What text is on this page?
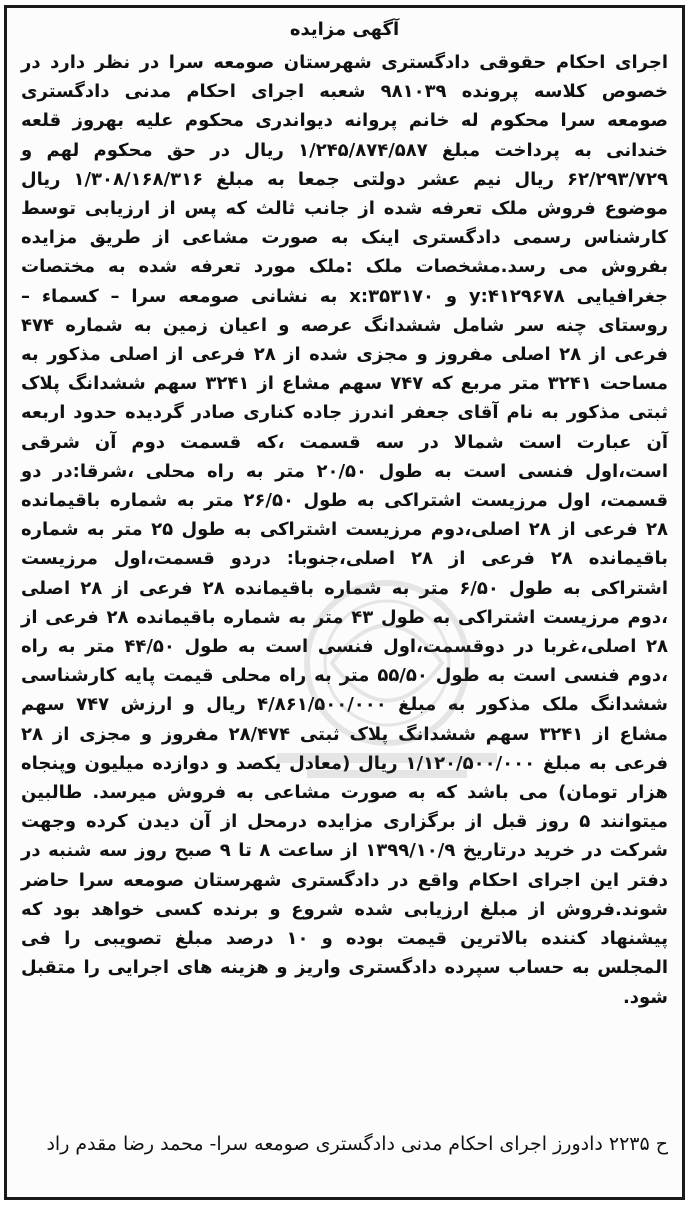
آگهی مزایده

اجرای احکام حقوقی دادگستری شهرستان صومعه سرا در نظر دارد در خصوص کلاسه پرونده ۹۸۱۰۳۹ شعبه اجرای احکام مدنی دادگستری صومعه سرا محکوم له خانم پروانه دیواندری محکوم علیه بهروز قلعه خندانی به پرداخت مبلغ ۱/۲۴۵/۸۷۴/۵۸۷ ریال در حق محکوم لهم و ۶۲/۲۹۳/۷۲۹ ریال نیم عشر دولتی جمعا به مبلغ ۱/۳۰۸/۱۶۸/۳۱۶ ریال موضوع فروش ملک تعرفه شده از جانب ثالث که پس از ارزیابی توسط کارشناس رسمی دادگستری اینک به صورت مشاعی از طریق مزایده بفروش می رسد.مشخصات ملک :ملک مورد تعرفه شده به مختصات جغرافیایی y:۴۱۲۹۶۷۸ و x:۳۵۳۱۷۰ به نشانی صومعه سرا – کسماء – روستای چنه سر شامل ششدانگ عرصه و اعیان زمین به شماره ۴۷۴ فرعی از ۲۸ اصلی مفروز و مجزی شده از ۲۸ فرعی از اصلی مذکور به مساحت ۳۲۴۱ متر مربع که ۷۴۷ سهم مشاع از ۳۲۴۱ سهم ششدانگ پلاک ثبتی مذکور به نام آقای جعفر اندرز جاده کناری صادر گردیده حدود اربعه آن عبارت است شمالا در سه قسمت ،که قسمت دوم آن شرقی است،اول فنسی است به طول ۲۰/۵۰ متر به راه محلی ،شرقا:در دو قسمت، اول مرزیست اشتراکی به طول ۲۶/۵۰ متر به شماره باقیمانده ۲۸ فرعی از ۲۸ اصلی،دوم مرزیست اشتراکی به طول ۲۵ متر به شماره باقیمانده ۲۸ فرعی از ۲۸ اصلی،جنوبا: دردو قسمت،اول مرزیست اشتراکی به طول ۶/۵۰ متر به شماره باقیمانده ۲۸ فرعی از ۲۸ اصلی ،دوم مرزیست اشتراکی به طول ۴۳ متر به شماره باقیمانده ۲۸ فرعی از ۲۸ اصلی،غربا در دوقسمت،اول فنسی است به طول ۴۴/۵۰ متر به راه ،دوم فنسی است به طول ۵۵/۵۰ متر به راه محلی قیمت پایه کارشناسی ششدانگ ملک مذکور به مبلغ ۴/۸۶۱/۵۰۰/۰۰۰ ریال و ارزش ۷۴۷ سهم مشاع از ۳۲۴۱ سهم ششدانگ پلاک ثبتی ۲۸/۴۷۴ مفروز و مجزی از ۲۸ فرعی به مبلغ ۱/۱۲۰/۵۰۰/۰۰۰ ریال (معادل یکصد و دوازده میلیون وپنجاه هزار تومان) می باشد که به صورت مشاعی به فروش میرسد. طالبین میتوانند ۵ روز قبل از برگزاری مزایده درمحل از آن دیدن کرده وجهت شرکت در خرید درتاریخ ۱۳۹۹/۱۰/۹ از ساعت ۸ تا ۹ صبح روز سه شنبه در دفتر این اجرای احکام واقع در دادگستری شهرستان صومعه سرا حاضر شوند.فروش از مبلغ ارزیابی شده شروع و برنده کسی خواهد بود که پیشنهاد کننده بالاترین قیمت بوده و ۱۰ درصد مبلغ تصویبی را فی المجلس به حساب سپرده دادگستری واریز و هزینه های اجرایی را متقبل شود.

ح ۲۲۳۵ دادورز اجرای احکام مدنی دادگستری صومعه سرا- محمد رضا مقدم راد
